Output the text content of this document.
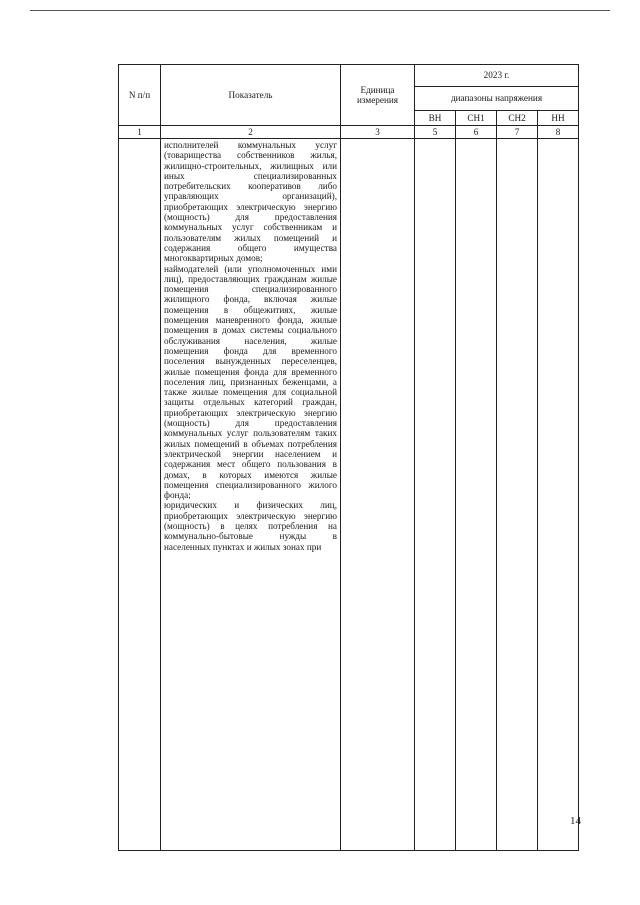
N п/п	Показатель	Единица измерения	2023 г.			
			диапазоны напряжения			
			ВН	СН1	СН2	НН
1	2	3	5	6	7	8

	исполнителей коммунальных услуг (товарищества собственников жилья, жилищно-строительных, жилищных или иных специализированных потребительских кооперативов либо управляющих организаций), приобретающих электрическую энергию (мощность) для предоставления коммунальных услуг собственникам и пользователям жилых помещений и содержания общего имущества многоквартирных домов;
наймодателей (или уполномоченных ими лиц), предоставляющих гражданам жилые помещения специализированного жилищного фонда, включая жилые помещения в общежитиях, жилые помещения маневренного фонда, жилые помещения в домах системы социального обслуживания населения, жилые помещения фонда для временного поселения вынужденных переселенцев, жилые помещения фонда для временного поселения лиц, признанных беженцами, а также жилые помещения для социальной защиты отдельных категорий граждан, приобретающих электрическую энергию (мощность) для предоставления коммунальных услуг пользователям таких жилых помещений в объемах потребления электрической энергии населением и содержания мест общего пользования в домах, в которых имеются жилые помещения специализированного жилого фонда;
юридических и физических лиц, приобретающих электрическую энергию (мощность) в целях потребления на коммунально-бытовые нужды в населенных пунктах и жилых зонах при					

14
